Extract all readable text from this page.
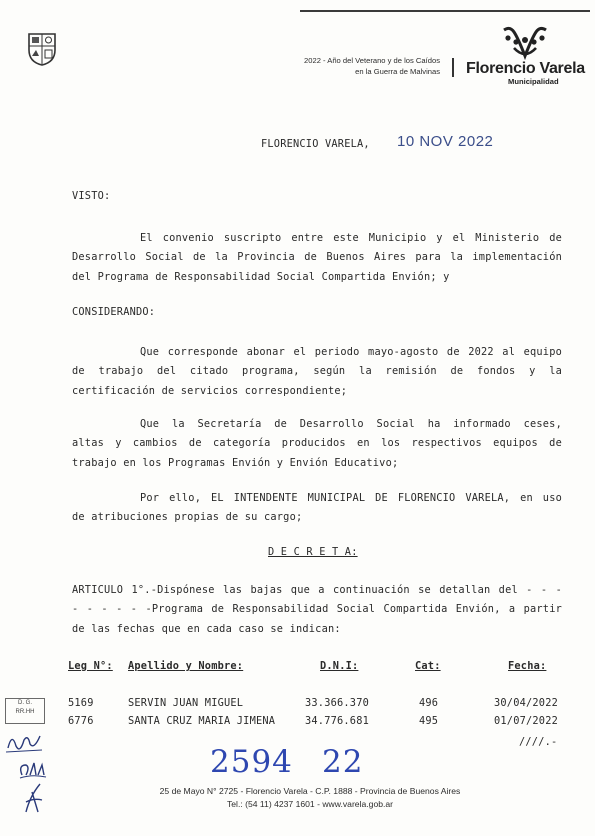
2022 - Año del Veterano y de los Caídos
en la Guerra de Malvinas Florencio Varela
Municipalidad
FLORENCIO VARELA, 10 NOV 2022
VISTO:
El convenio suscripto entre este Municipio y el Ministerio de
Desarrollo Social de la Provincia de Buenos Aires para la implementación
del Programa de Responsabilidad Social Compartida Envión; y
CONSIDERANDO:
Que corresponde abonar el periodo mayo-agosto de 2022 al equipo
de trabajo del citado programa, según la remisión de fondos y la
certificación de servicios correspondiente;
Que la Secretaría de Desarrollo Social ha informado ceses,
altas y cambios de categoría producidos en los respectivos equipos de
trabajo en los Programas Envión y Envión Educativo;
Por ello, EL INTENDENTE MUNICIPAL DE FLORENCIO VARELA, en uso
de atribuciones propias de su cargo;
D E C R E T A:
ARTICULO 1°.-Dispónese las bajas que a continuación se detallan del - - -
- - - - - -Programa de Responsabilidad Social Compartida Envión, a partir
de las fechas que en cada caso se indican:
Leg N°: Apellido y Nombre:	D.N.I:	Cat:	Fecha:
5169	SERVIN JUAN MIGUEL	33.366.370	496	30/04/2022
6776	SANTA CRUZ MARIA JIMENA	34.776.681	495	01/07/2022
////.-
2594 22
D. G.
RR.HH
25 de Mayo N° 2725 - Florencio Varela - C.P. 1888 - Provincia de Buenos Aires
Tel.: (54 11) 4237 1601 - www.varela.gob.ar
